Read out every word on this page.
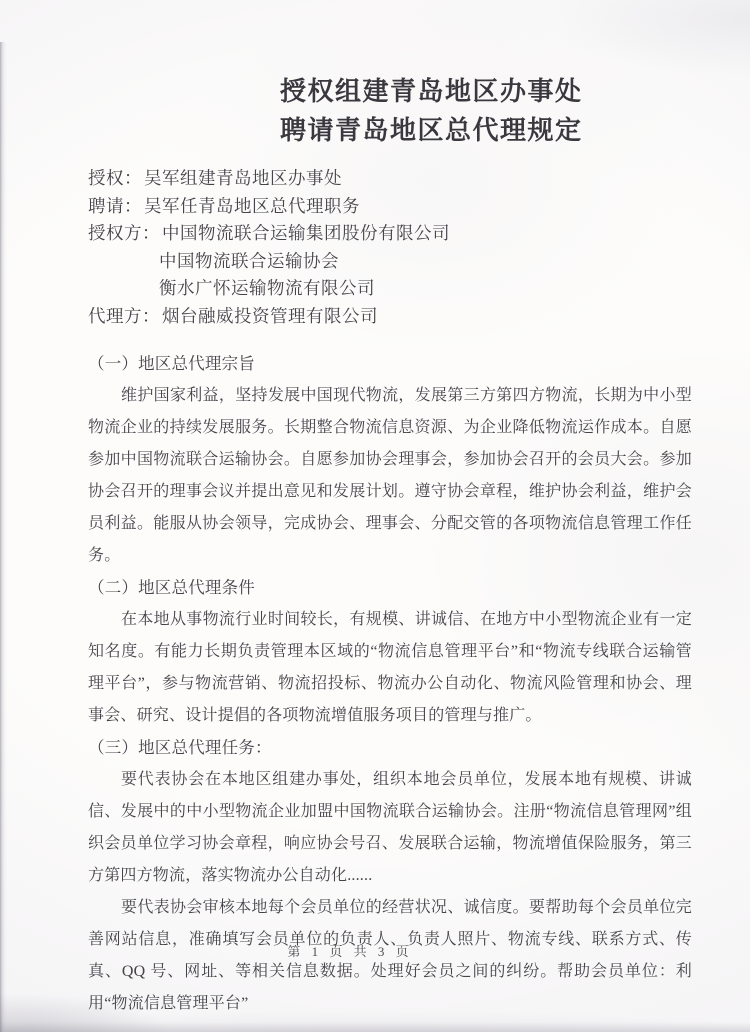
授权组建青岛地区办事处
聘请青岛地区总代理规定
授权： 吴军组建青岛地区办事处
聘请： 吴军任青岛地区总代理职务
授权方： 中国物流联合运输集团股份有限公司
中国物流联合运输协会
衡水广怀运输物流有限公司
代理方： 烟台融威投资管理有限公司
（一）地区总代理宗旨

维护国家利益，坚持发展中国现代物流，发展第三方第四方物流，长期为中小型物流企业的持续发展服务。长期整合物流信息资源、为企业降低物流运作成本。自愿参加中国物流联合运输协会。自愿参加协会理事会，参加协会召开的会员大会。参加协会召开的理事会议并提出意见和发展计划。遵守协会章程，维护协会利益，维护会员利益。能服从协会领导，完成协会、理事会、分配交管的各项物流信息管理工作任务。

（二）地区总代理条件

在本地从事物流行业时间较长，有规模、讲诚信、在地方中小型物流企业有一定知名度。有能力长期负责管理本区域的“物流信息管理平台”和“物流专线联合运输管理平台”，参与物流营销、物流招投标、物流办公自动化、物流风险管理和协会、理事会、研究、设计提倡的各项物流增值服务项目的管理与推广。

（三）地区总代理任务：

要代表协会在本地区组建办事处，组织本地会员单位，发展本地有规模、讲诚信、发展中的中小型物流企业加盟中国物流联合运输协会。注册“物流信息管理网”组织会员单位学习协会章程，响应协会号召、发展联合运输，物流增值保险服务，第三方第四方物流，落实物流办公自动化......

要代表协会审核本地每个会员单位的经营状况、诚信度。要帮助每个会员单位完善网站信息，准确填写会员单位的负责人、负责人照片、物流专线、联系方式、传真、QQ 号、网址、等相关信息数据。处理好会员之间的纠纷。帮助会员单位：利用“物流信息管理平台”

第 1 页 共 3 页
